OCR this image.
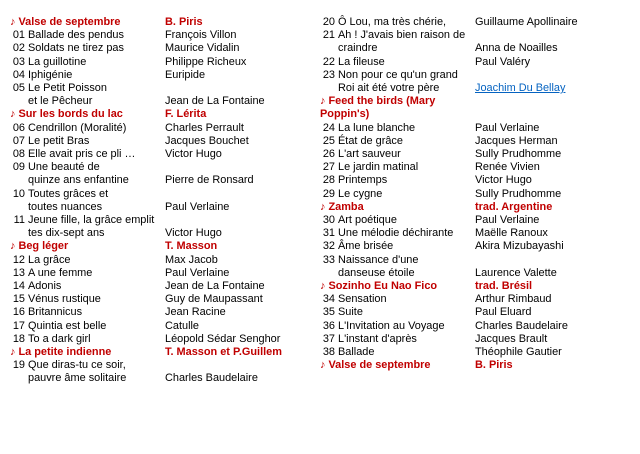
♪ Valse de septembre	B. Piris
01 Ballade des pendus	François Villon
02 Soldats ne tirez pas	Maurice Vidalin
03 La guillotine	Philippe Richeux
04 Iphigénie	Euripide
05 Le Petit Poisson
et le Pêcheur	Jean de La Fontaine
♪ Sur les bords du lac	F. Lérita
06 Cendrillon (Moralité)	Charles Perrault
07 Le petit Bras	Jacques Bouchet
08 Elle avait pris ce pli …	Victor Hugo
09 Une beauté de
quinze ans enfantine	Pierre de Ronsard
10 Toutes grâces et
toutes nuances	Paul Verlaine
11 Jeune fille, la grâce emplit
tes dix-sept ans	Victor Hugo
♪ Beg léger	T. Masson
12 La grâce	Max Jacob
13 A une femme	Paul Verlaine
14 Adonis	Jean de La Fontaine
15 Vénus rustique	Guy de Maupassant
16 Britannicus	Jean Racine
17 Quintia est belle	Catulle
18 To a dark girl	Léopold Sédar Senghor
♪ La petite indienne	T. Masson et P.Guillem
19 Que diras-tu ce soir,
pauvre âme solitaire	Charles Baudelaire
20 Ô Lou, ma très chérie,	Guillaume Apollinaire
21 Ah ! J'avais bien raison de
craindre	Anna de Noailles
22 La fileuse	Paul Valéry
23 Non pour ce qu'un grand
Roi ait été votre père	Joachim Du Bellay
♪ Feed the birds (Mary Poppin's)
24 La lune blanche	Paul Verlaine
25 État de grâce	Jacques Herman
26 L'art sauveur	Sully Prudhomme
27 Le jardin matinal	Renée Vivien
28 Printemps	Victor Hugo
29 Le cygne	Sully Prudhomme
♪ Zamba	trad. Argentine
30 Art poétique	Paul Verlaine
31 Une mélodie déchirante	Maëlle Ranoux
32 Âme brisée	Akira Mizubayashi
33 Naissance d'une
danseuse étoile	Laurence Valette
♪ Sozinho Eu Nao Fico	trad. Brésil
34 Sensation	Arthur Rimbaud
35 Suite	Paul Eluard
36 L'Invitation au Voyage	Charles Baudelaire
37 L'instant d'après	Jacques Brault
38 Ballade	Théophile Gautier
♪ Valse de septembre	B. Piris
